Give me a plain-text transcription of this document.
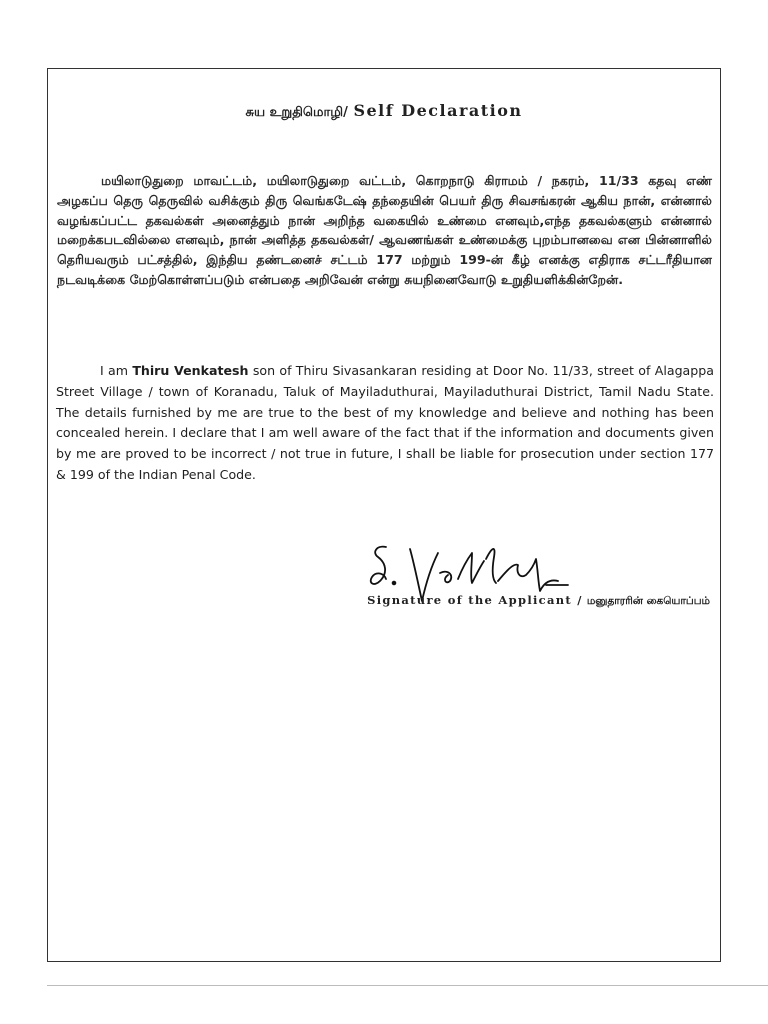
சுய உறுதிமொழி/ Self Declaration
மயிலாடுதுறை மாவட்டம், மயிலாடுதுறை வட்டம், கொறநாடு கிராமம் / நகரம், 11/33 கதவு எண் அழகப்ப தெரு தெருவில் வசிக்கும் திரு வெங்கடேஷ் தந்தையின் பெயர் திரு சிவசங்கரன் ஆகிய நான், என்னால் வழங்கப்பட்ட தகவல்கள் அனைத்தும் நான் அறிந்த வகையில் உண்மை எனவும்,எந்த தகவல்களும் என்னால் மறைக்கபடவில்லை எனவும், நான் அளித்த தகவல்கள்/ ஆவணங்கள் உண்மைக்கு புறம்பானவை என பின்னாளில் தெரியவரும் பட்சத்தில், இந்திய தண்டனைச் சட்டம் 177 மற்றும் 199-ன் கீழ் எனக்கு எதிராக சட்டரீதியான நடவடிக்கை மேற்கொள்ளப்படும் என்பதை அறிவேன் என்று சுயநினைவோடு உறுதியளிக்கின்றேன்.
I am Thiru Venkatesh son of Thiru Sivasankaran residing at Door No. 11/33, street of Alagappa Street Village / town of Koranadu, Taluk of Mayiladuthurai, Mayiladuthurai District, Tamil Nadu State. The details furnished by me are true to the best of my knowledge and believe and nothing has been concealed herein. I declare that I am well aware of the fact that if the information and documents given by me are proved to be incorrect / not true in future, I shall be liable for prosecution under section 177 & 199 of the Indian Penal Code.
Signature of the Applicant / மனுதாரரின் கையொப்பம்
